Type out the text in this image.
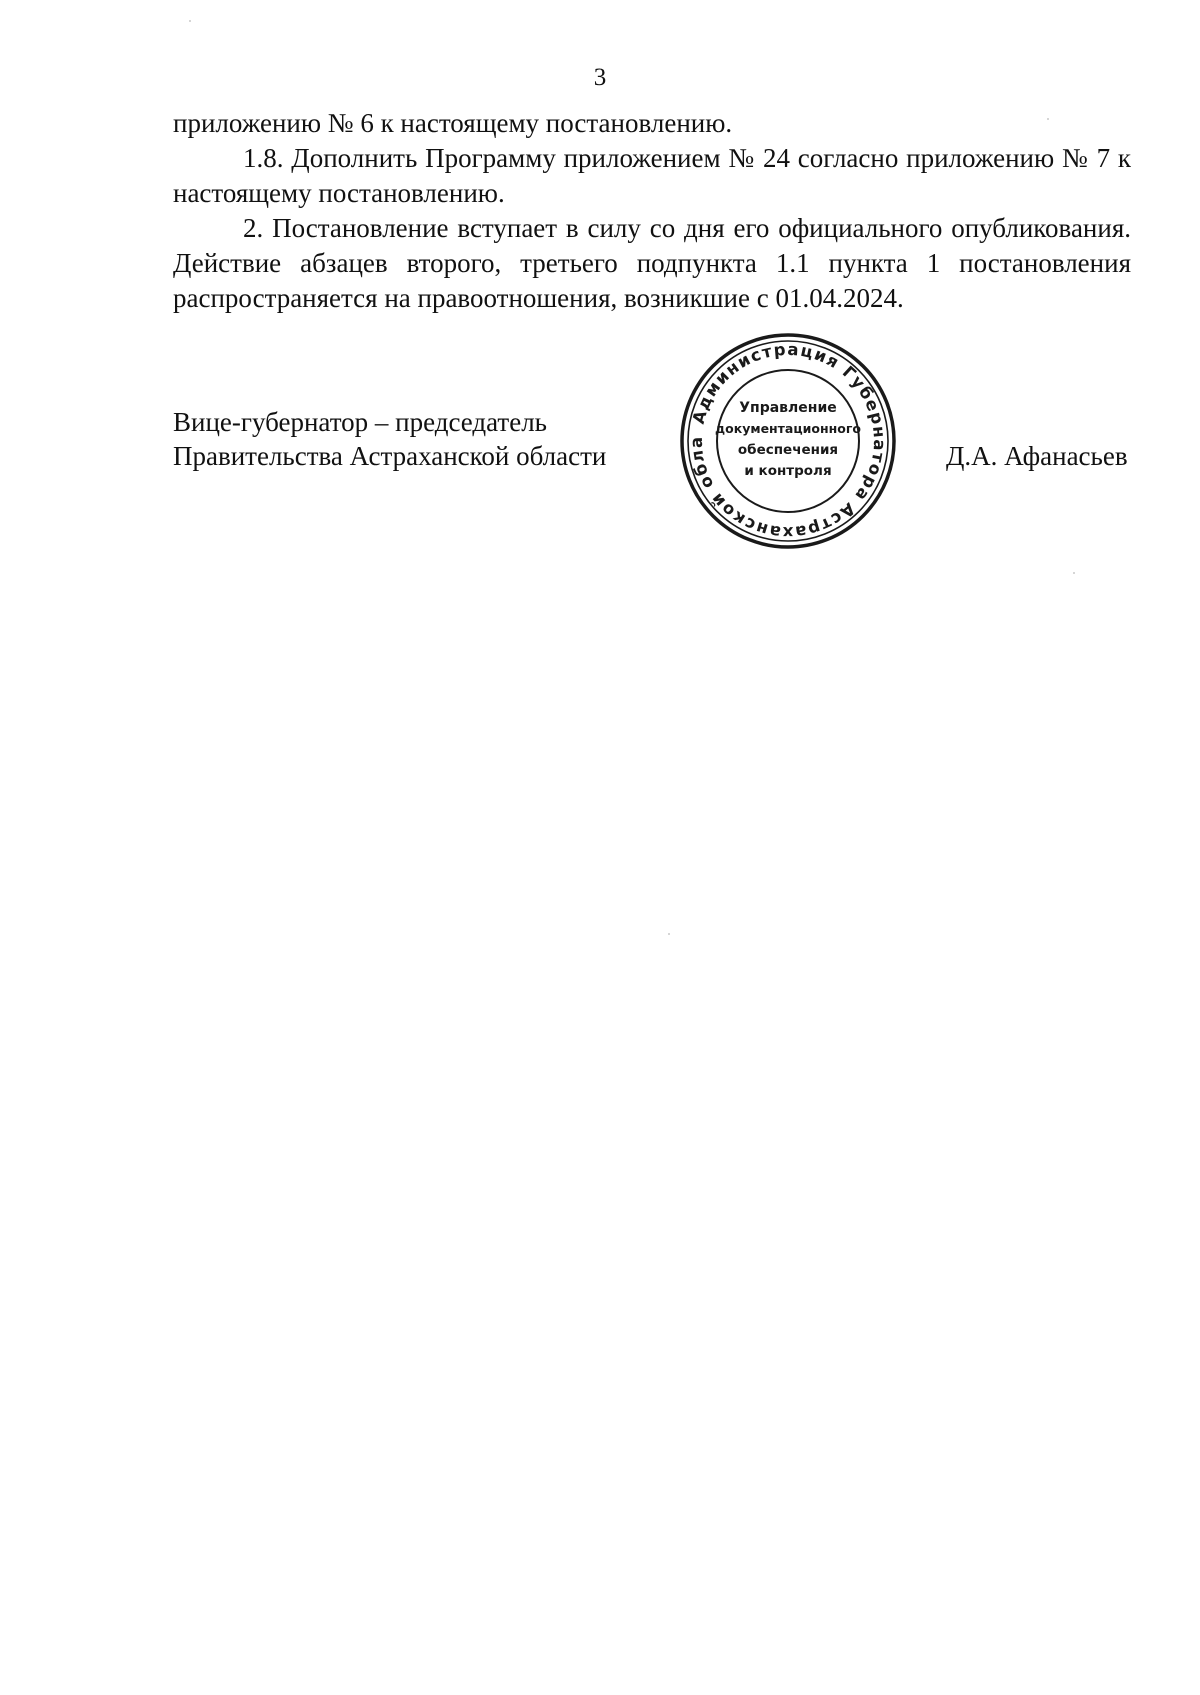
3

приложению № 6 к настоящему постановлению.

1.8. Дополнить Программу приложением № 24 согласно приложению № 7 к настоящему постановлению.

2. Постановление вступает в силу со дня его официального опубликования. Действие абзацев второго, третьего подпункта 1.1 пункта 1 постановления распространяется на правоотношения, возникшие с 01.04.2024.

Вице-губернатор – председатель
Правительства Астраханской области	Д.А. Афанасьев
Администрация Губернатора Астраханской обла
Управление
документационного
обеспечения
и контроля
